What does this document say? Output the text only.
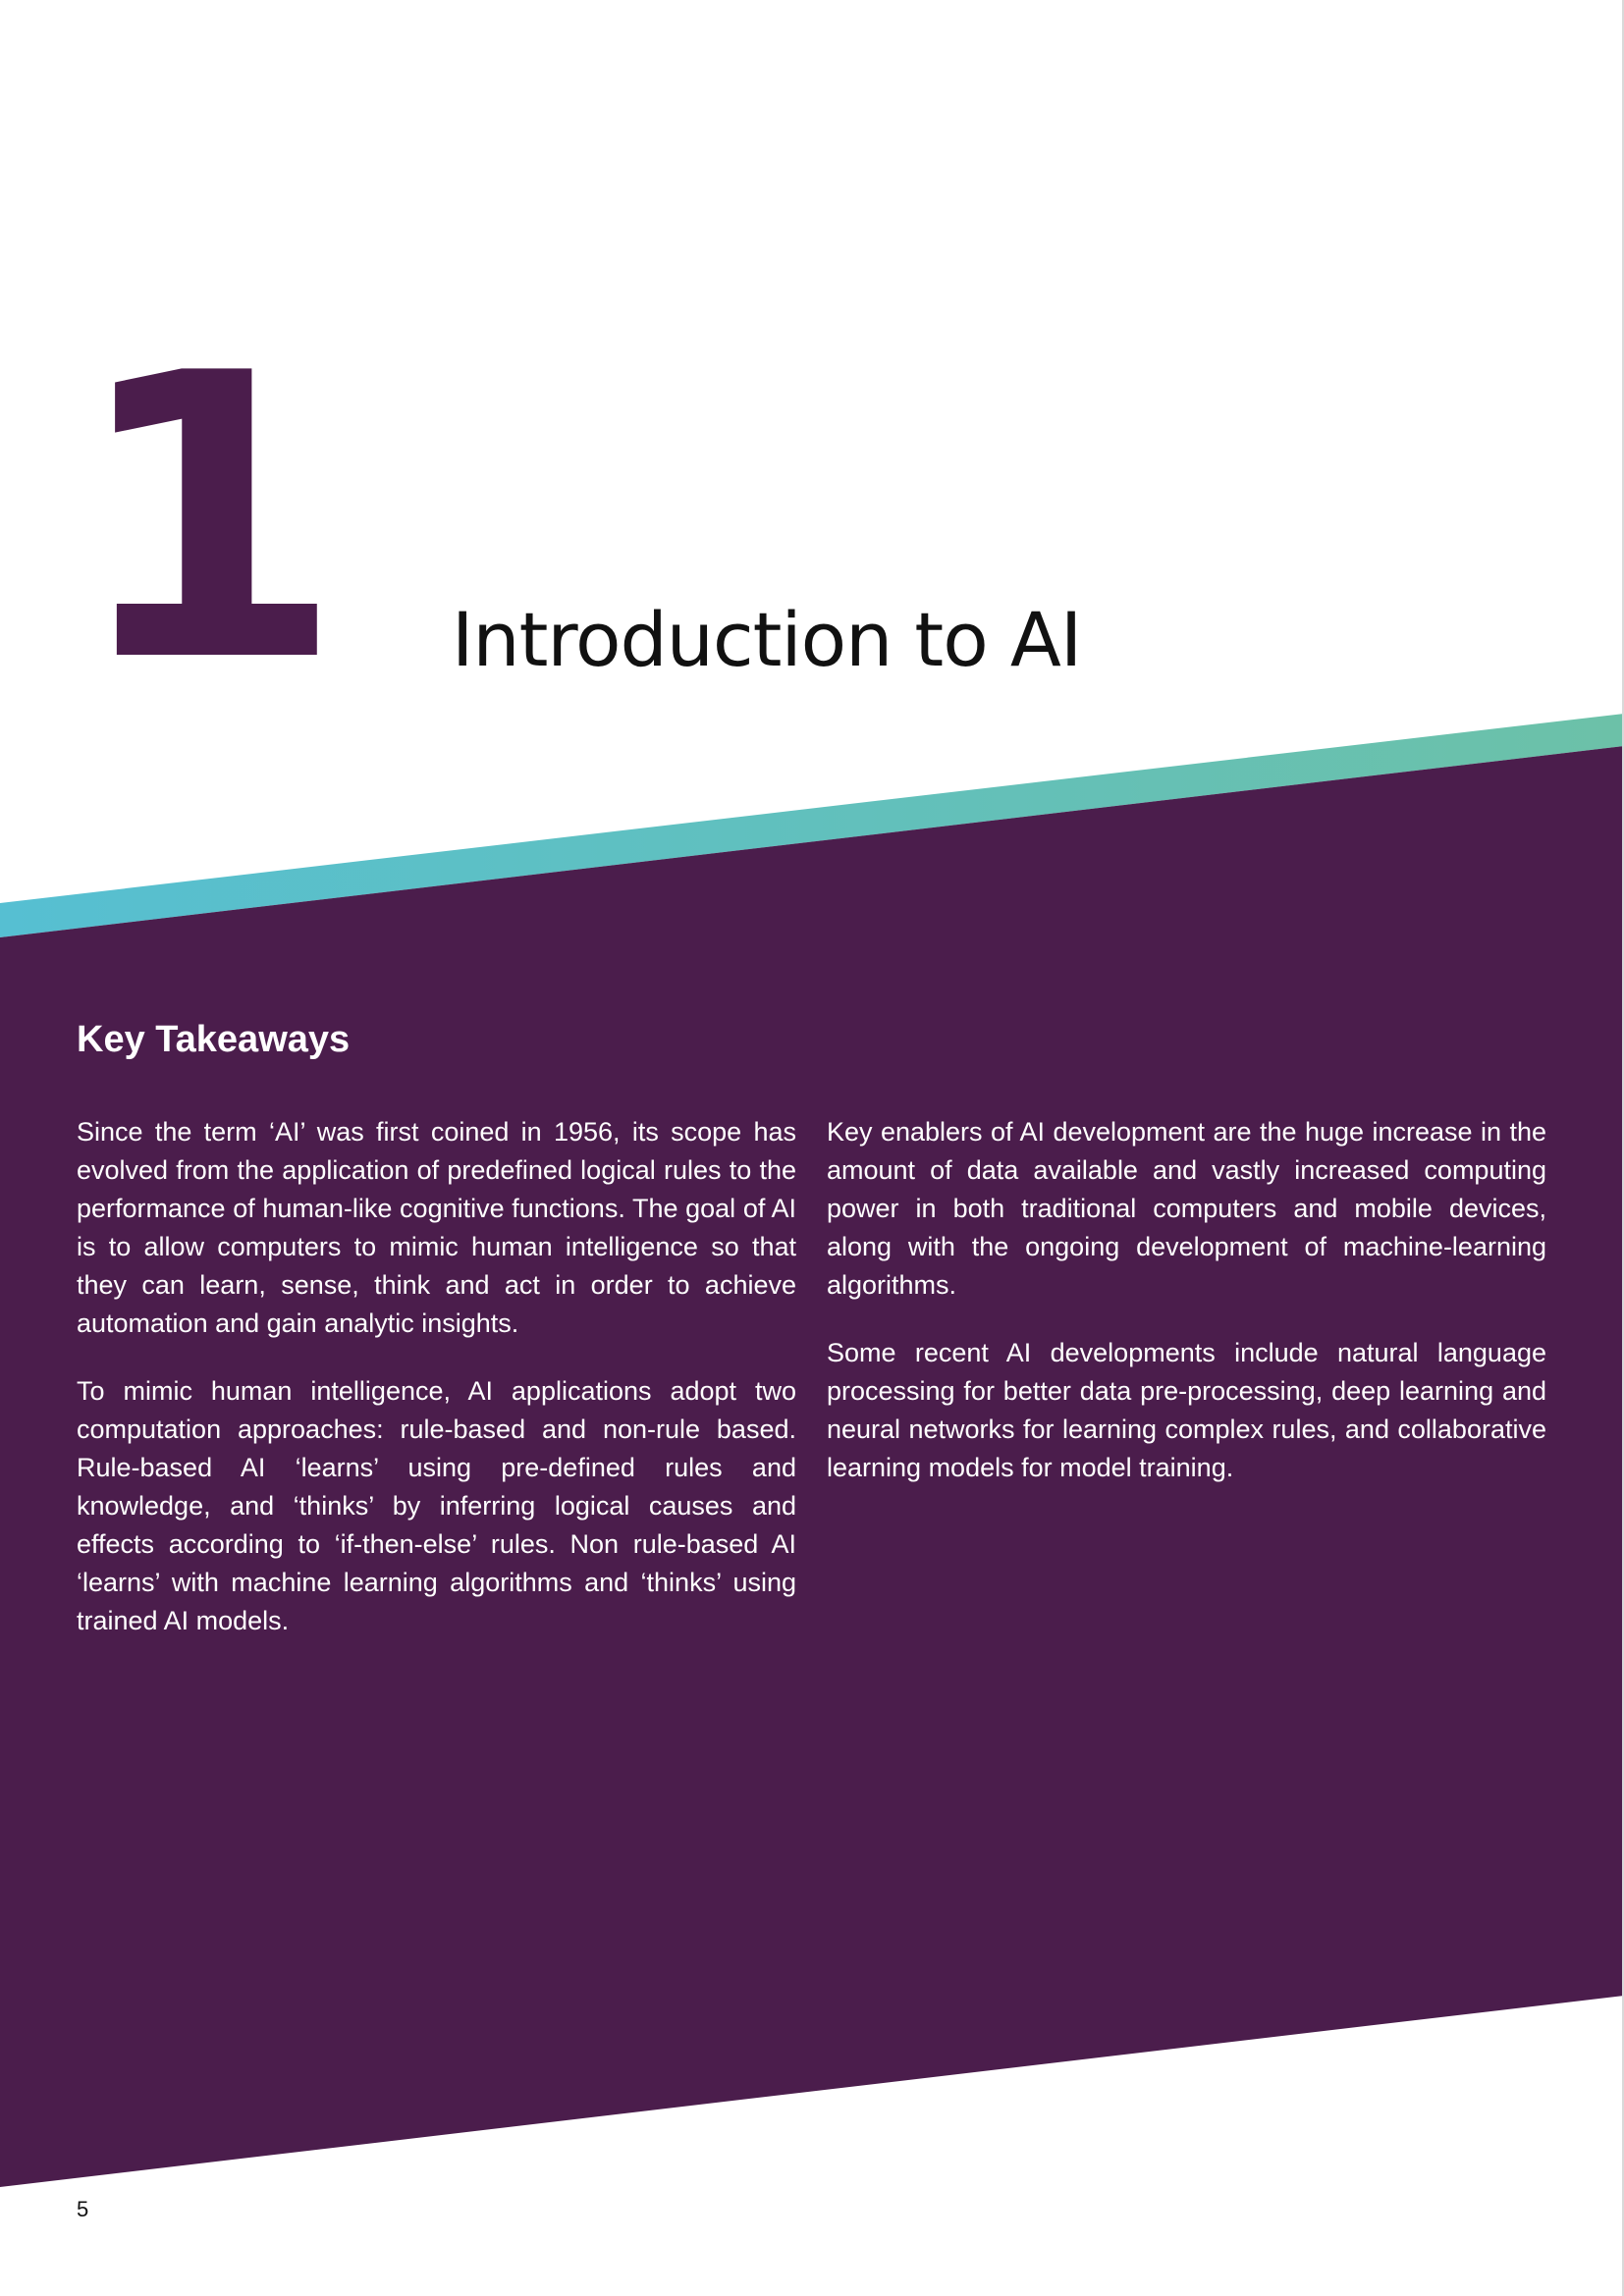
1 Introduction to AI
Key Takeaways

Since the term ‘AI’ was first coined in 1956, its scope has evolved from the application of predefined logical rules to the performance of human-like cognitive functions. The goal of AI is to allow computers to mimic human intelligence so that they can learn, sense, think and act in order to achieve automation and gain analytic insights.

To mimic human intelligence, AI applications adopt two computation approaches: rule-based and non-rule based. Rule-based AI ‘learns’ using pre-defined rules and knowledge, and ‘thinks’ by inferring logical causes and effects according to ‘if-then-else’ rules. Non rule-based AI ‘learns’ with machine learning algorithms and ‘thinks’ using trained AI models.

Key enablers of AI development are the huge increase in the amount of data available and vastly increased computing power in both traditional computers and mobile devices, along with the ongoing development of machine-learning algorithms.

Some recent AI developments include natural language processing for better data pre-processing, deep learning and neural networks for learning complex rules, and collaborative learning models for model training.

5
